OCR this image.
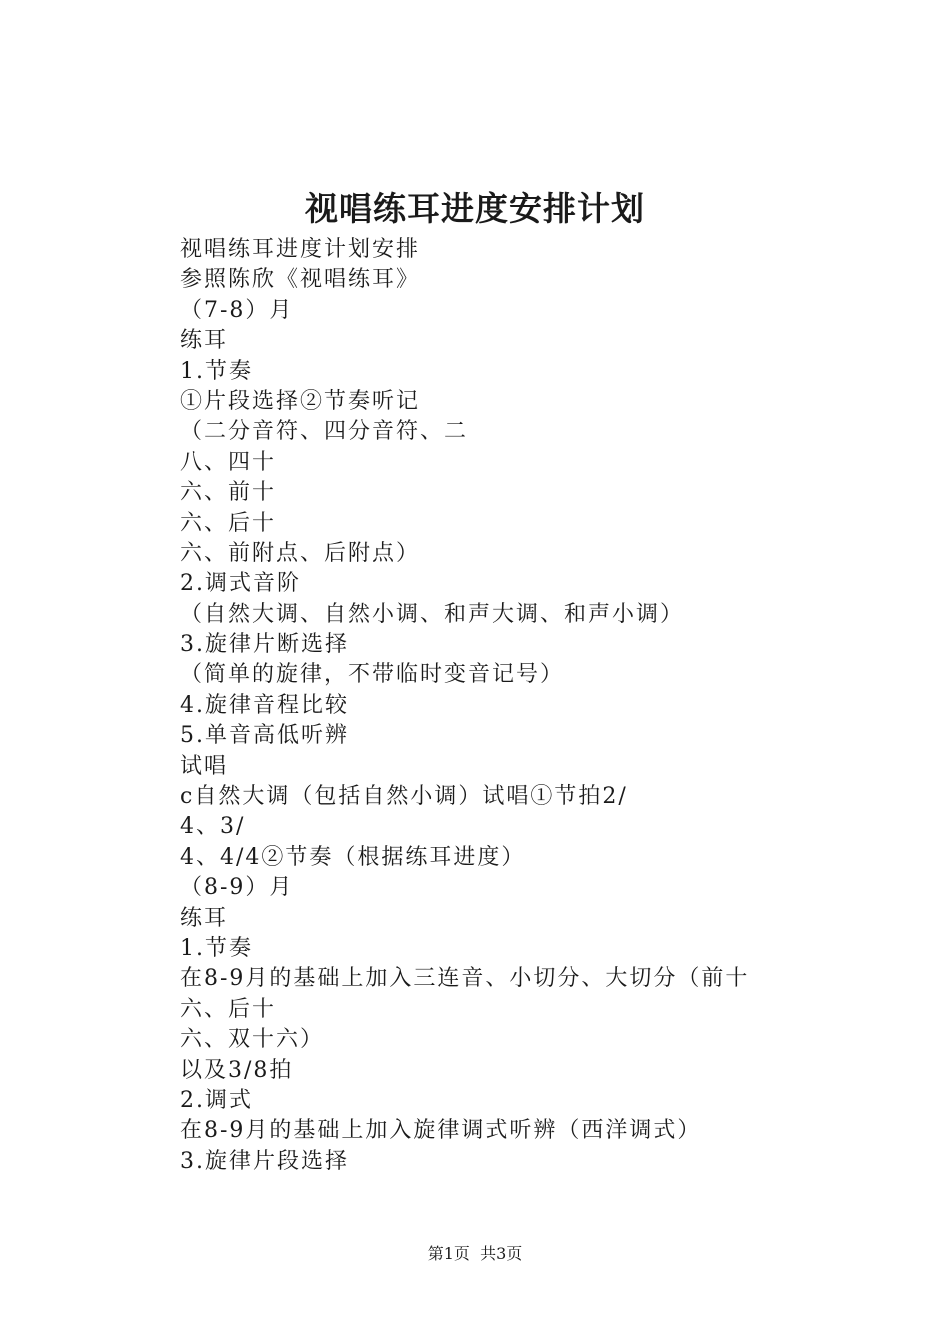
视唱练耳进度安排计划
视唱练耳进度计划安排
参照陈欣《视唱练耳》
（7-8）月
练耳
1.节奏
①片段选择②节奏听记
（二分音符、四分音符、二
八、四十
六、前十
六、后十
六、前附点、后附点）
2.调式音阶
（自然大调、自然小调、和声大调、和声小调）
3.旋律片断选择
（简单的旋律，不带临时变音记号）
4.旋律音程比较
5.单音高低听辨
试唱
c自然大调（包括自然小调）试唱①节拍2/
4、3/
4、4/4②节奏（根据练耳进度）
（8-9）月
练耳
1.节奏
在8-9月的基础上加入三连音、小切分、大切分（前十
六、后十
六、双十六）
以及3/8拍
2.调式
在8-9月的基础上加入旋律调式听辨（西洋调式）
3.旋律片段选择
第1页  共3页
